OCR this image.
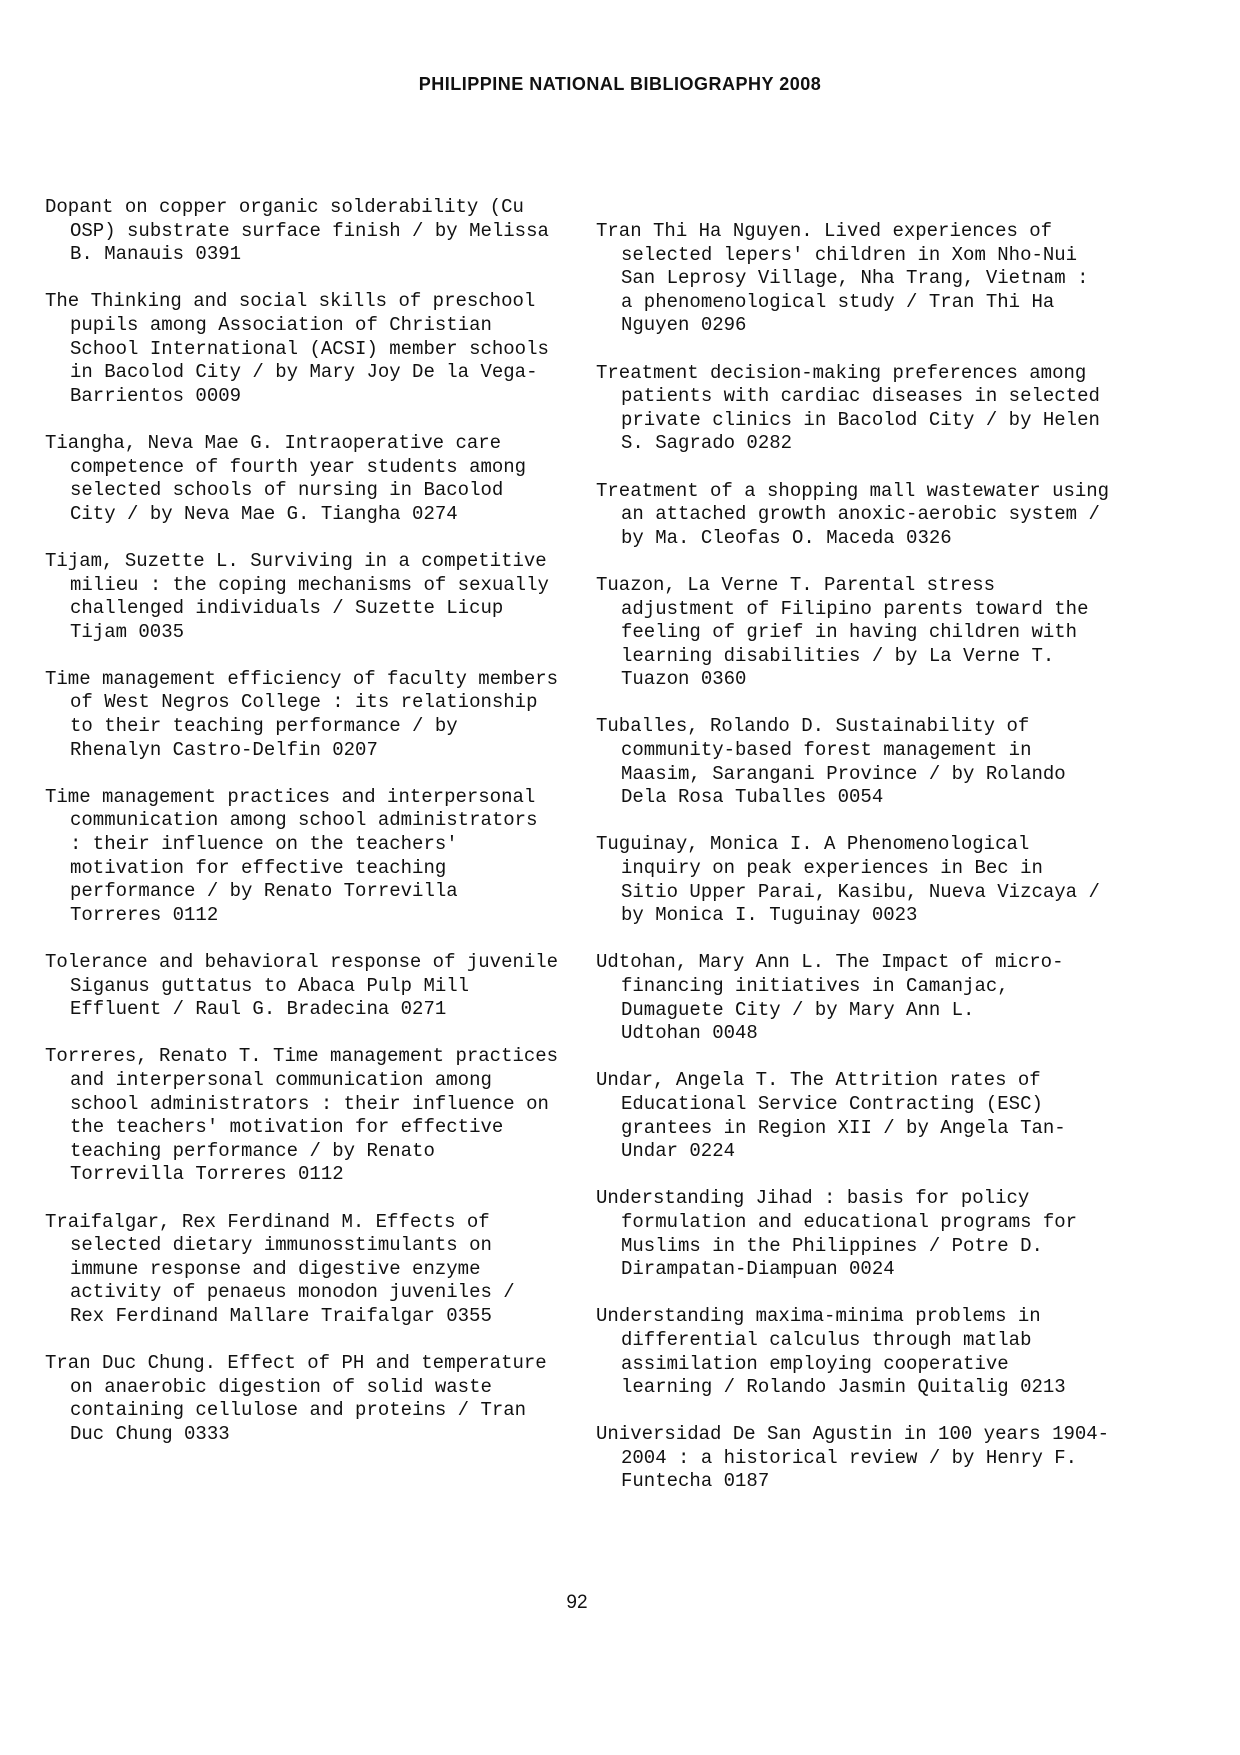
PHILIPPINE NATIONAL BIBLIOGRAPHY 2008

Dopant on copper organic solderability (Cu OSP) substrate surface finish / by Melissa B. Manauis 0391

The Thinking and social skills of preschool pupils among Association of Christian School International (ACSI) member schools in Bacolod City / by Mary Joy De la Vega-Barrientos 0009

Tiangha, Neva Mae G. Intraoperative care competence of fourth year students among selected schools of nursing in Bacolod City / by Neva Mae G. Tiangha 0274

Tijam, Suzette L. Surviving in a competitive milieu : the coping mechanisms of sexually challenged individuals / Suzette Licup Tijam 0035

Time management efficiency of faculty members of West Negros College : its relationship to their teaching performance / by Rhenalyn Castro-Delfin 0207

Time management practices and interpersonal communication among school administrators : their influence on the teachers' motivation for effective teaching performance / by Renato Torrevilla Torreres 0112

Tolerance and behavioral response of juvenile Siganus guttatus to Abaca Pulp Mill Effluent / Raul G. Bradecina 0271

Torreres, Renato T. Time management practices and interpersonal communication among school administrators : their influence on the teachers' motivation for effective teaching performance / by Renato Torrevilla Torreres 0112

Traifalgar, Rex Ferdinand M. Effects of selected dietary immunosstimulants on immune response and digestive enzyme activity of penaeus monodon juveniles / Rex Ferdinand Mallare Traifalgar 0355

Tran Duc Chung. Effect of PH and temperature on anaerobic digestion of solid waste containing cellulose and proteins / Tran Duc Chung 0333

Tran Thi Ha Nguyen. Lived experiences of selected lepers' children in Xom Nho-Nui San Leprosy Village, Nha Trang, Vietnam : a phenomenological study / Tran Thi Ha Nguyen 0296

Treatment decision-making preferences among patients with cardiac diseases in selected private clinics in Bacolod City / by Helen S. Sagrado 0282

Treatment of a shopping mall wastewater using an attached growth anoxic-aerobic system / by Ma. Cleofas O. Maceda 0326

Tuazon, La Verne T. Parental stress adjustment of Filipino parents toward the feeling of grief in having children with learning disabilities / by La Verne T. Tuazon 0360

Tuballes, Rolando D. Sustainability of community-based forest management in Maasim, Sarangani Province / by Rolando Dela Rosa Tuballes 0054

Tuguinay, Monica I. A Phenomenological inquiry on peak experiences in Bec in Sitio Upper Parai, Kasibu, Nueva Vizcaya / by Monica I. Tuguinay 0023

Udtohan, Mary Ann L. The Impact of micro-financing initiatives in Camanjac, Dumaguete City / by Mary Ann L. Udtohan 0048

Undar, Angela T. The Attrition rates of Educational Service Contracting (ESC) grantees in Region XII / by Angela Tan-Undar 0224

Understanding Jihad : basis for policy formulation and educational programs for Muslims in the Philippines / Potre D. Dirampatan-Diampuan 0024

Understanding maxima-minima problems in differential calculus through matlab assimilation employing cooperative learning / Rolando Jasmin Quitalig 0213

Universidad De San Agustin in 100 years 1904-2004 : a historical review / by Henry F. Funtecha 0187

92
